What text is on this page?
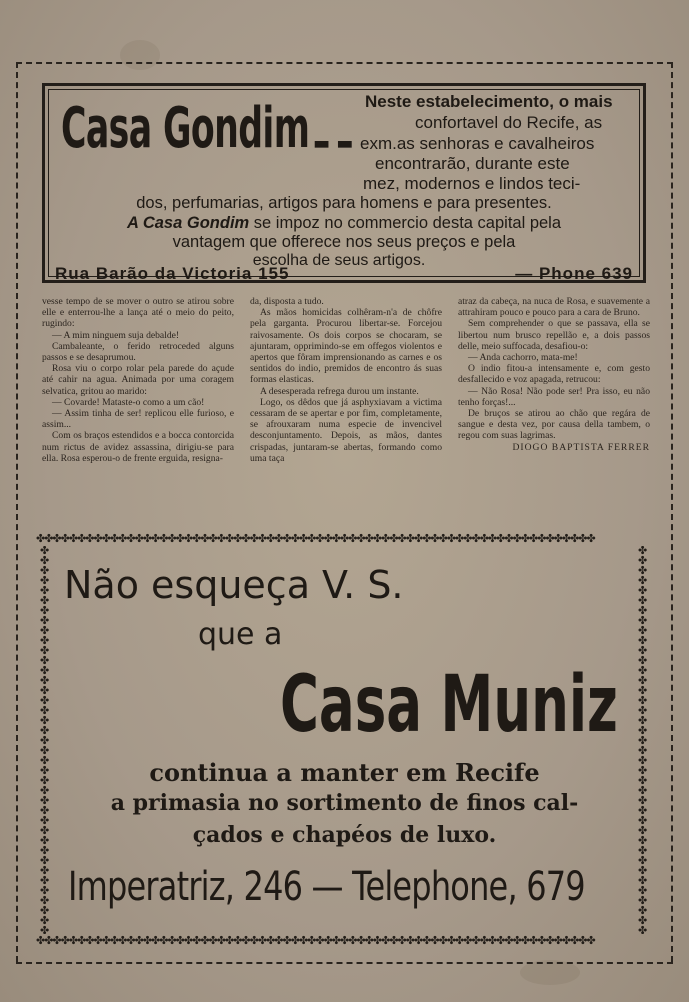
Casa Gondim	Neste estabelecimento, o mais
confortavel do Recife, as
▬ ▬ exm.as senhoras e cavalheiros
encontrarão, durante este
mez, modernos e lindos teci-
dos, perfumarias, artigos para homens e para presentes.
A Casa Gondim se impoz no commercio desta capital pela
vantagem que offerece nos seus preços e pela
escolha de seus artigos.
Rua Barão da Victoria 155	— Phone 639

vesse tempo de se mover o outro se atirou sobre elle e enterrou-lhe a lança até o meio do peito, rugindo:

— A mim ninguem suja debalde!

Cambaleante, o ferido retroceded alguns passos e se desaprumou.

Rosa viu o corpo rolar pela parede do açude até cahir na agua. Animada por uma coragem selvatica, gritou ao marido:

— Covarde! Mataste-o como a um cão!

— Assim tinha de ser! replicou elle furioso, e assim...

Com os braços estendidos e a bocca contorcida num rictus de avidez assassina, dirigiu-se para ella. Rosa esperou-o de frente erguida, resigna-

da, disposta a tudo.

As mãos homicidas colhêram-n'a de chôfre pela garganta. Procurou libertar-se. Forcejou raivosamente. Os dois corpos se chocaram, se ajuntaram, opprimindo-se em offegos violentos e apertos que fôram imprensionando as carnes e os sentidos do indio, premidos de encontro ás suas formas elasticas.

A desesperada refrega durou um instante.

Logo, os dêdos que já asphyxiavam a victima cessaram de se apertar e por fim, completamente, se afrouxaram numa especie de invencivel desconjuntamento. Depois, as mãos, dantes crispadas, juntaram-se abertas, formando como uma taça

atraz da cabeça, na nuca de Rosa, e suavemente a attrahiram pouco e pouco para a cara de Bruno.

Sem comprehender o que se passava, ella se libertou num brusco repellão e, a dois passos delle, meio suffocada, desafiou-o:

— Anda cachorro, mata-me!

O indio fitou-a intensamente e, com gesto desfallecido e voz apagada, retrucou:

— Não Rosa! Não pode ser! Pra isso, eu não tenho forças!...

De bruços se atirou ao chão que regára de sangue e desta vez, por causa della tambem, o regou com suas lagrimas.

DIOGO BAPTISTA FERRER

✤✤✤✤✤✤✤✤✤✤✤✤✤✤✤✤✤✤✤✤✤✤✤✤✤✤✤✤✤✤✤✤✤✤✤✤✤✤✤✤✤✤✤✤✤✤✤✤✤✤✤✤✤✤✤✤✤✤✤✤✤✤✤✤✤✤✤✤
✤✤✤✤✤✤✤✤✤✤✤✤✤✤✤✤✤✤✤✤✤✤✤✤✤✤✤✤✤✤✤✤✤✤✤✤✤✤✤✤✤✤✤✤✤✤✤✤✤✤✤✤✤✤✤✤✤✤✤✤✤✤✤✤✤✤✤✤
✤✤✤✤✤✤✤✤✤✤✤✤✤✤✤✤✤✤✤✤✤✤✤✤✤✤✤✤✤✤✤✤✤✤✤✤✤✤✤
✤✤✤✤✤✤✤✤✤✤✤✤✤✤✤✤✤✤✤✤✤✤✤✤✤✤✤✤✤✤✤✤✤✤✤✤✤✤✤
Não esqueça V. S.
que a
Casa Muniz
continua a manter em Recife
a primasia no sortimento de finos cal-
çados e chapéos de luxo.
Imperatriz, 246 — Telephone, 679
